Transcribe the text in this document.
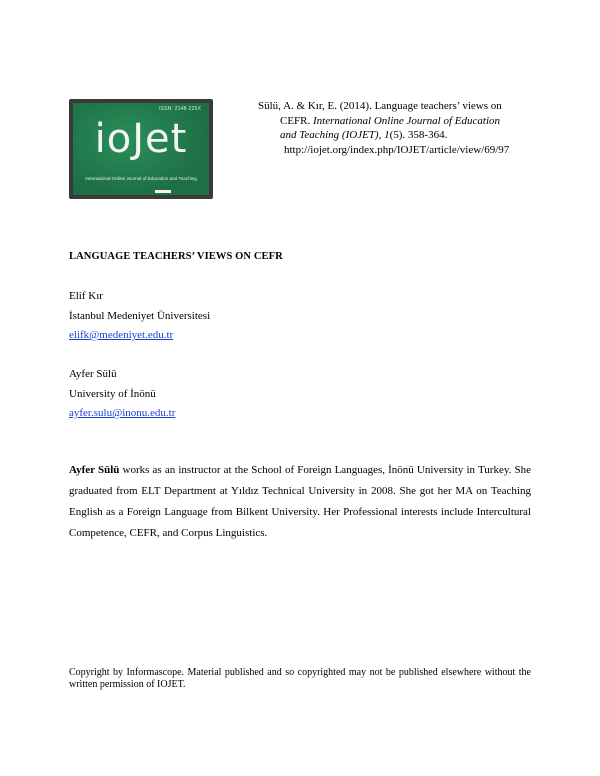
ISSN: 2148-225X
ioJet
International Online Journal of Education and Teaching

Sülü, A. & Kır, E. (2014). Language teachers’ views on

CEFR. International Online Journal of Education

and Teaching (IOJET), 1(5). 358-364.

http://iojet.org/index.php/IOJET/article/view/69/97

LANGUAGE TEACHERS’ VIEWS ON CEFR
Elif Kır
İstanbul Medeniyet Üniversitesi
elifk@medeniyet.edu.tr
Ayfer Sülü
University of İnönü
ayfer.sulu@inonu.edu.tr
Ayfer Sülü works as an instructor at the School of Foreign Languages, İnönü University in Turkey. She graduated from ELT Department at Yıldız Technical University in 2008. She got her MA on Teaching English as a Foreign Language from Bilkent University. Her Professional interests include Intercultural Competence, CEFR, and Corpus Linguistics.
Copyright by Informascope. Material published and so copyrighted may not be published elsewhere without the written permission of IOJET.
